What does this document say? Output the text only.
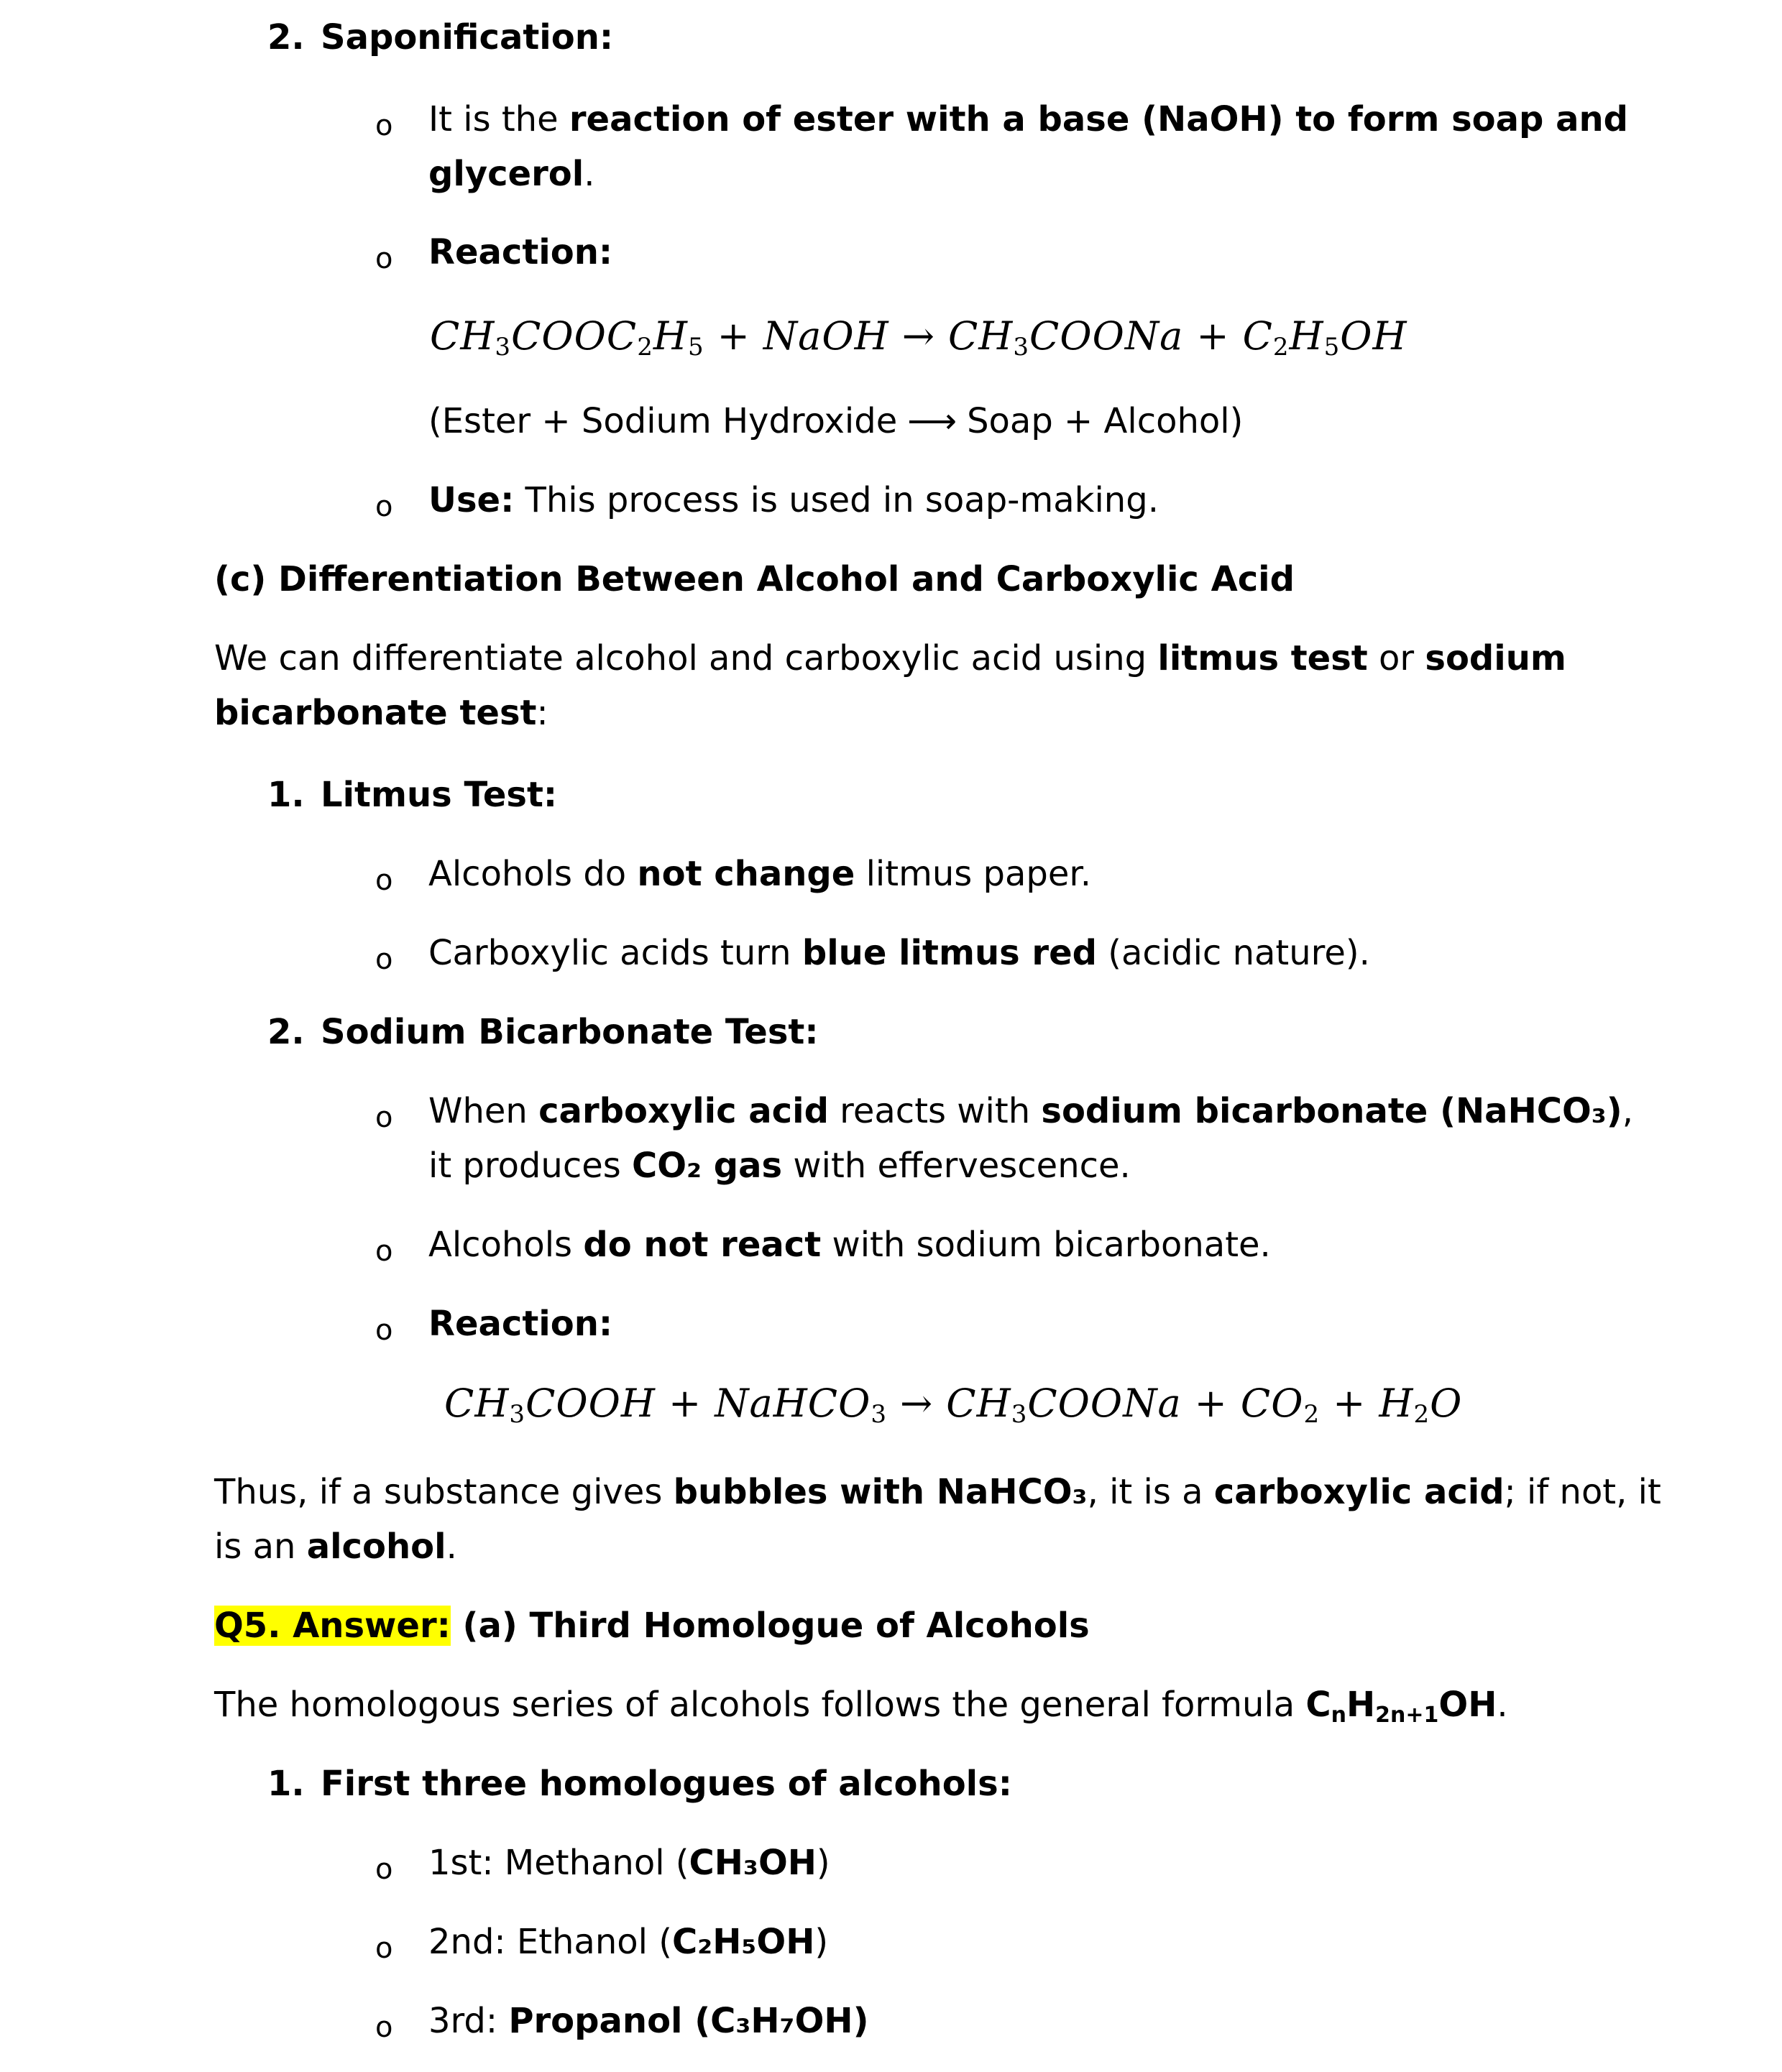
2. Saponification:
o It is the reaction of ester with a base (NaOH) to form soap and
glycerol.
o Reaction:
$CH_3COOC_2H_5$ + NaOH → $CH_3COONa + C_2H_5OH$
(Ester + Sodium Hydroxide ⟶ Soap + Alcohol)
o Use: This process is used in soap-making.
(c) Differentiation Between Alcohol and Carboxylic Acid
We can differentiate alcohol and carboxylic acid using litmus test or sodium
bicarbonate test:
1. Litmus Test:
o Alcohols do not change litmus paper.
o Carboxylic acids turn blue litmus red (acidic nature).
2. Sodium Bicarbonate Test:
o When carboxylic acid reacts with sodium bicarbonate (NaHCO₃),
it produces CO₂ gas with effervescence.
o Alcohols do not react with sodium bicarbonate.
o Reaction:
$CH_3COOH$ + NaHCO$_3$ → $CH_3COONa + CO_2 + H_2O$
Thus, if a substance gives bubbles with NaHCO₃, it is a carboxylic acid; if not, it
is an alcohol.
Q5. Answer: (a) Third Homologue of Alcohols
The homologous series of alcohols follows the general formula $C_nH_{2n+1}OH$.
1. First three homologues of alcohols:
o 1st: Methanol (CH₃OH)
o 2nd: Ethanol (C₂H₅OH)
o 3rd: Propanol (C₃H₇OH)
